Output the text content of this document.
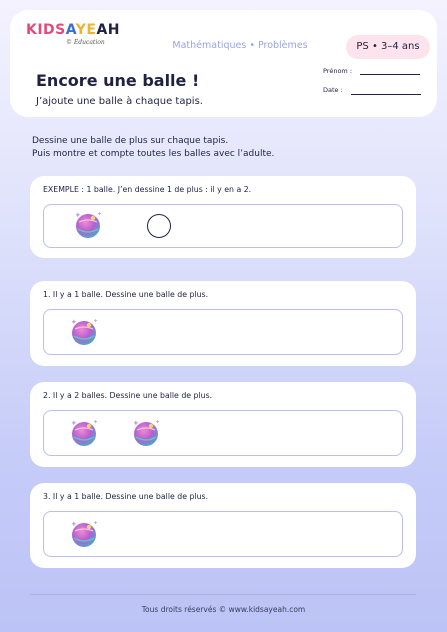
KIDSAYEAH
© Education	Mathématiques • Problèmes	PS • 3–4 ans
Encore une balle !
J’ajoute une balle à chaque tapis.
Prénom :
Date :
Dessine une balle de plus sur chaque tapis.
Puis montre et compte toutes les balles avec l’adulte.
EXEMPLE : 1 balle. J’en dessine 1 de plus : il y en a 2.
1. Il y a 1 balle. Dessine une balle de plus.
2. Il y a 2 balles. Dessine une balle de plus.
3. Il y a 1 balle. Dessine une balle de plus.
Tous droits réservés © www.kidsayeah.com
